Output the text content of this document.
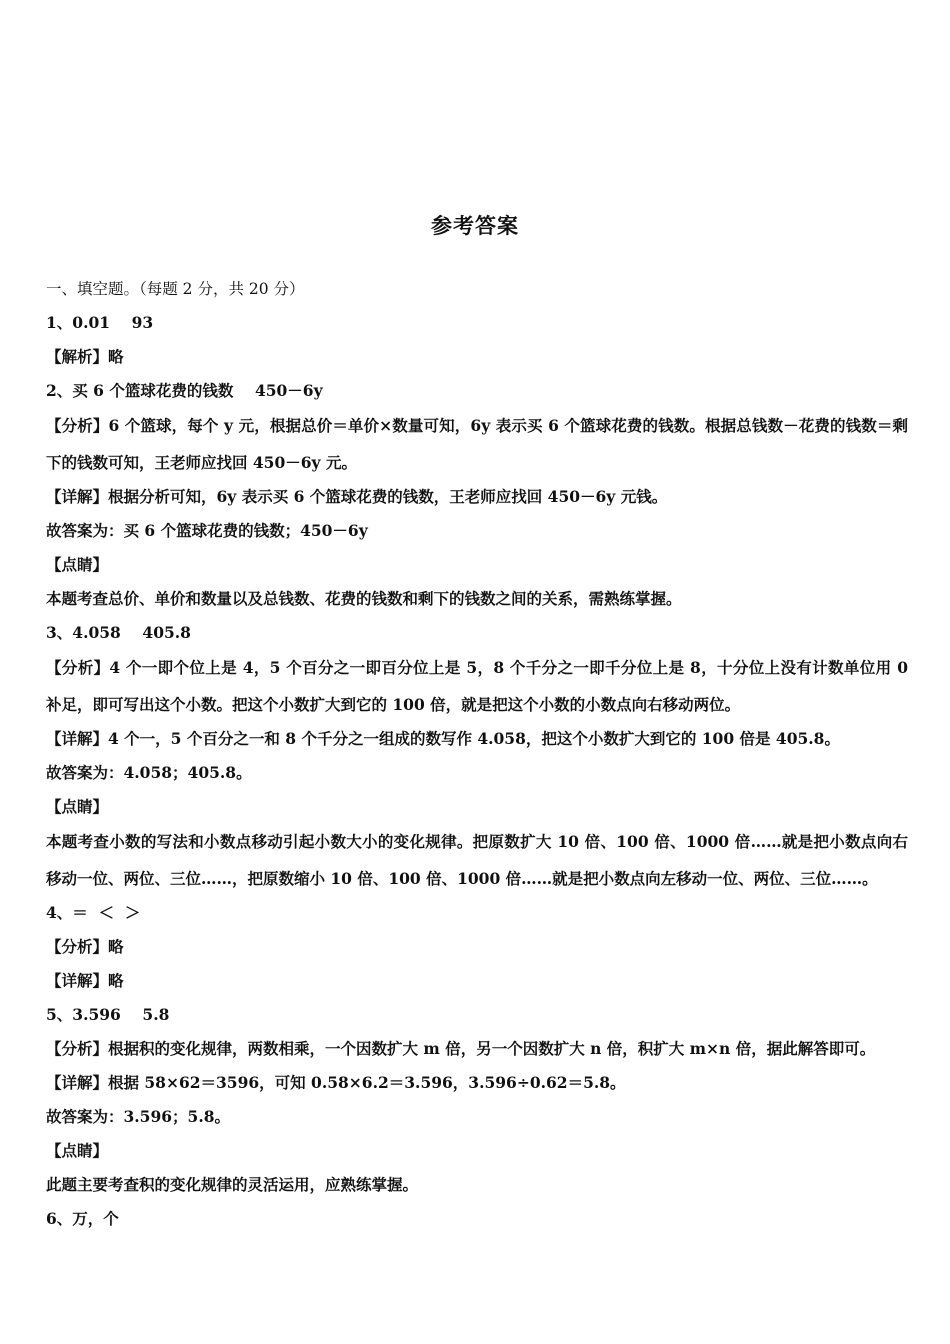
参考答案
一、填空题。（每题 2 分，共 20 分）
1、0.01    93
【解析】略
2、买 6 个篮球花费的钱数    450－6y
【分析】6 个篮球，每个 y 元，根据总价＝单价×数量可知，6y 表示买 6 个篮球花费的钱数。根据总钱数－花费的钱数＝剩下的钱数可知，王老师应找回 450－6y 元。
【详解】根据分析可知，6y 表示买 6 个篮球花费的钱数，王老师应找回 450－6y 元钱。
故答案为：买 6 个篮球花费的钱数；450－6y
【点睛】
本题考查总价、单价和数量以及总钱数、花费的钱数和剩下的钱数之间的关系，需熟练掌握。
3、4.058    405.8
【分析】4 个一即个位上是 4，5 个百分之一即百分位上是 5，8 个千分之一即千分位上是 8，十分位上没有计数单位用 0 补足，即可写出这个小数。把这个小数扩大到它的 100 倍，就是把这个小数的小数点向右移动两位。
【详解】4 个一，5 个百分之一和 8 个千分之一组成的数写作 4.058，把这个小数扩大到它的 100 倍是 405.8。
故答案为：4.058；405.8。
【点睛】
本题考查小数的写法和小数点移动引起小数大小的变化规律。把原数扩大 10 倍、100 倍、1000 倍……就是把小数点向右移动一位、两位、三位……，把原数缩小 10 倍、100 倍、1000 倍……就是把小数点向左移动一位、两位、三位……。
4、＝  ＜  ＞
【分析】略
【详解】略
5、3.596    5.8
【分析】根据积的变化规律，两数相乘，一个因数扩大 m 倍，另一个因数扩大 n 倍，积扩大 m×n 倍，据此解答即可。
【详解】根据 58×62＝3596，可知 0.58×6.2＝3.596，3.596÷0.62＝5.8。
故答案为：3.596；5.8。
【点睛】
此题主要考查积的变化规律的灵活运用，应熟练掌握。
6、万，个
